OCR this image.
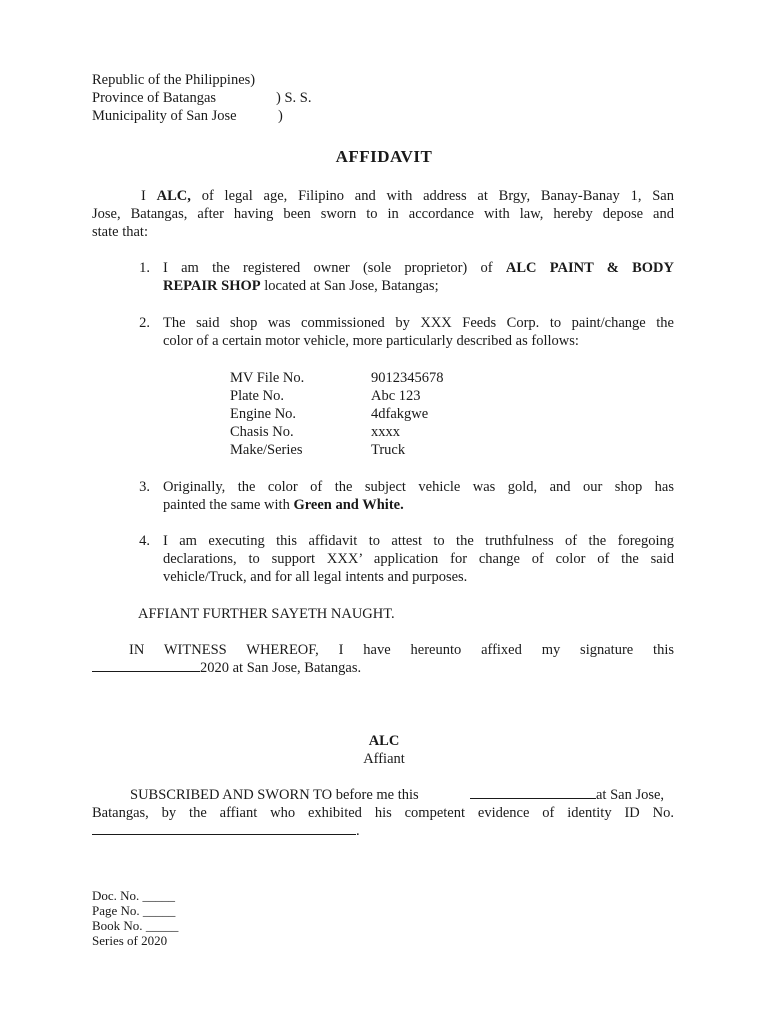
Republic of the Philippines)
Province of Batangas	) S. S.
Municipality of San Jose	)
AFFIDAVIT
I ALC, of legal age, Filipino and with address at Brgy, Banay-Banay 1, San
Jose, Batangas, after having been sworn to in accordance with law, hereby depose and
state that:
1. I am the registered owner (sole proprietor) of ALC PAINT & BODY
REPAIR SHOP located at San Jose, Batangas;
2. The said shop was commissioned by XXX Feeds Corp. to paint/change the
color of a certain motor vehicle, more particularly described as follows:
MV File No.	9012345678
Plate No.	Abc 123
Engine No.	4dfakgwe
Chasis No.	xxxx
Make/Series	Truck
3. Originally, the color of the subject vehicle was gold, and our shop has
painted the same with Green and White.
4. I am executing this affidavit to attest to the truthfulness of the foregoing
declarations, to support XXX’ application for change of color of the said
vehicle/Truck, and for all legal intents and purposes.
AFFIANT FURTHER SAYETH NAUGHT.
IN WITNESS WHEREOF, I have hereunto affixed my signature this
2020 at San Jose, Batangas.
ALC
Affiant
SUBSCRIBED AND SWORN TO before me this	at San Jose,
Batangas, by the affiant who exhibited his competent evidence of identity ID No.
.
Doc. No. _____
Page No. _____
Book No. _____
Series of 2020
